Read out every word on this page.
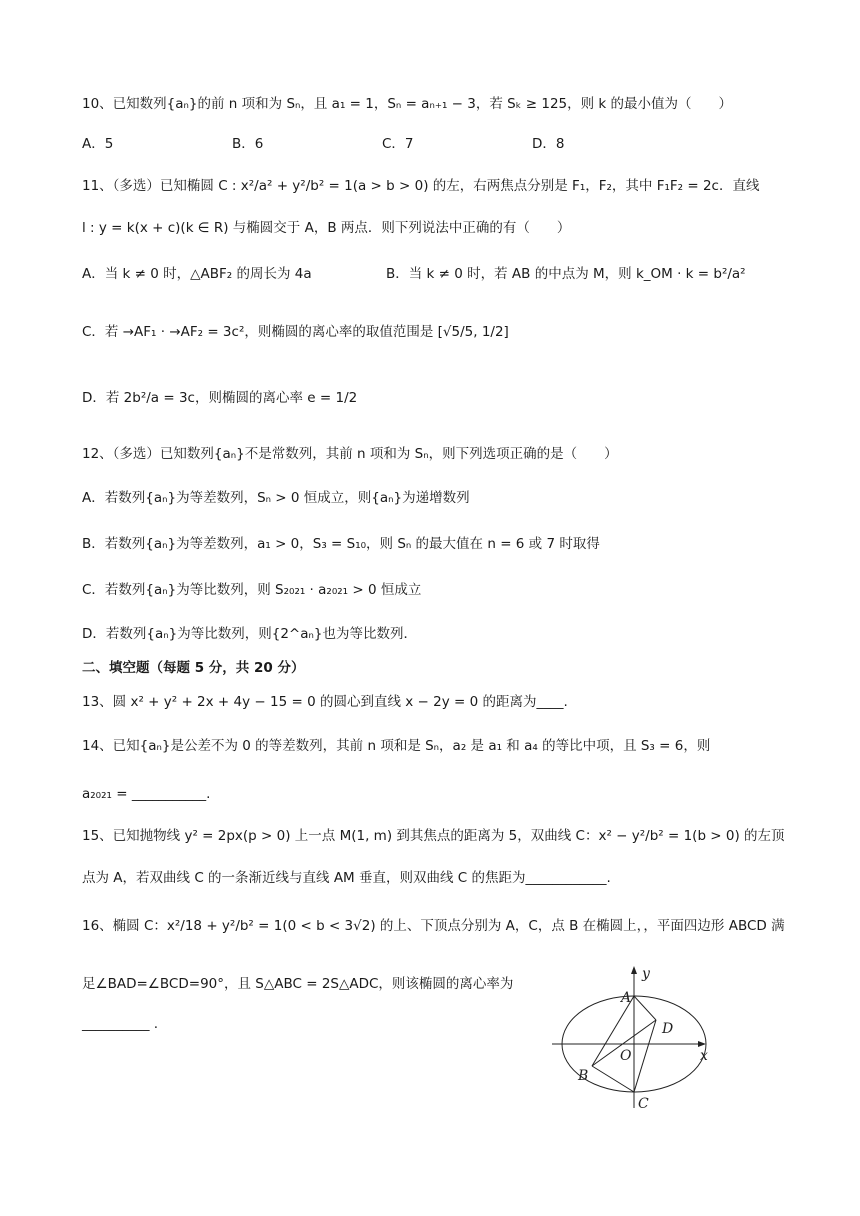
10、已知数列{aₙ}的前 n 项和为 Sₙ，且 a₁ = 1，Sₙ = aₙ₊₁ − 3，若 Sₖ ≥ 125，则 k 的最小值为（　　）
A．5	B．6	C．7	D．8
11、（多选）已知椭圆 C : x²/a² + y²/b² = 1(a > b > 0) 的左，右两焦点分别是 F₁，F₂，其中 F₁F₂ = 2c．直线
l : y = k(x + c)(k ∈ R) 与椭圆交于 A，B 两点．则下列说法中正确的有（　　）
A．当 k ≠ 0 时，△ABF₂ 的周长为 4a	B．当 k ≠ 0 时，若 AB 的中点为 M，则 k_OM · k = b²/a²
C．若 →AF₁ · →AF₂ = 3c²，则椭圆的离心率的取值范围是 [√5/5, 1/2]
D．若 2b²/a = 3c，则椭圆的离心率 e = 1/2
12、（多选）已知数列{aₙ}不是常数列，其前 n 项和为 Sₙ，则下列选项正确的是（　　）
A．若数列{aₙ}为等差数列，Sₙ > 0 恒成立，则{aₙ}为递增数列
B．若数列{aₙ}为等差数列，a₁ > 0，S₃ = S₁₀，则 Sₙ 的最大值在 n = 6 或 7 时取得
C．若数列{aₙ}为等比数列，则 S₂₀₂₁ · a₂₀₂₁ > 0 恒成立
D．若数列{aₙ}为等比数列，则{2^aₙ}也为等比数列．
二、填空题（每题 5 分，共 20 分）
13、圆 x² + y² + 2x + 4y − 15 = 0 的圆心到直线 x − 2y = 0 的距离为____.
14、已知{aₙ}是公差不为 0 的等差数列，其前 n 项和是 Sₙ，a₂ 是 a₁ 和 a₄ 的等比中项，且 S₃ = 6，则
a₂₀₂₁ = ___________.
15、已知抛物线 y² = 2px(p > 0) 上一点 M(1, m) 到其焦点的距离为 5，双曲线 C：x² − y²/b² = 1(b > 0) 的左顶
点为 A，若双曲线 C 的一条渐近线与直线 AM 垂直，则双曲线 C 的焦距为____________.
16、椭圆 C：x²/18 + y²/b² = 1(0 < b < 3√2) 的上、下顶点分别为 A，C，点 B 在椭圆上，，平面四边形 ABCD 满
足∠BAD=∠BCD=90°，且 S△ABC = 2S△ADC，则该椭圆的离心率为
__________ .
y
x
A
D
O
B
C
